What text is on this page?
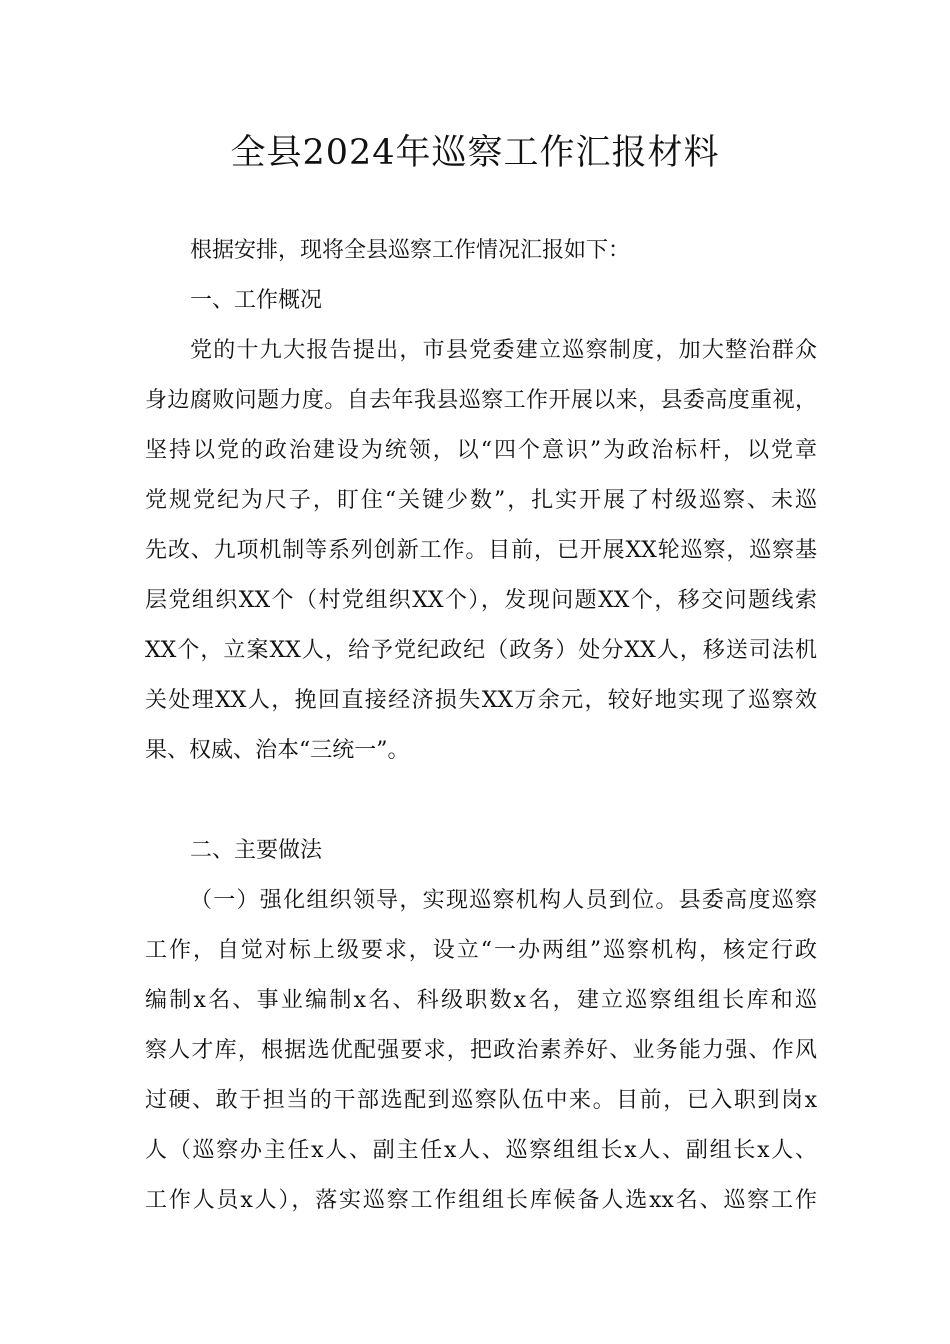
全县2024年巡察工作汇报材料

根据安排，现将全县巡察工作情况汇报如下：

一、工作概况

党的十九大报告提出，市县党委建立巡察制度，加大整治群众

身边腐败问题力度。自去年我县巡察工作开展以来，县委高度重视，

坚持以党的政治建设为统领，以“四个意识”为政治标杆，以党章

党规党纪为尺子，盯住“关键少数”，扎实开展了村级巡察、未巡

先改、九项机制等系列创新工作。目前，已开展XX轮巡察，巡察基

层党组织XX个（村党组织XX个），发现问题XX个，移交问题线索

XX个，立案XX人，给予党纪政纪（政务）处分XX人，移送司法机

关处理XX人，挽回直接经济损失XX万余元，较好地实现了巡察效

果、权威、治本“三统一”。

二、主要做法

（一）强化组织领导，实现巡察机构人员到位。县委高度巡察

工作，自觉对标上级要求，设立“一办两组”巡察机构，核定行政

编制x名、事业编制x名、科级职数x名，建立巡察组组长库和巡

察人才库，根据选优配强要求，把政治素养好、业务能力强、作风

过硬、敢于担当的干部选配到巡察队伍中来。目前，已入职到岗x

人（巡察办主任x人、副主任x人、巡察组组长x人、副组长x人、

工作人员x人），落实巡察工作组组长库候备人选xx名、巡察工作
